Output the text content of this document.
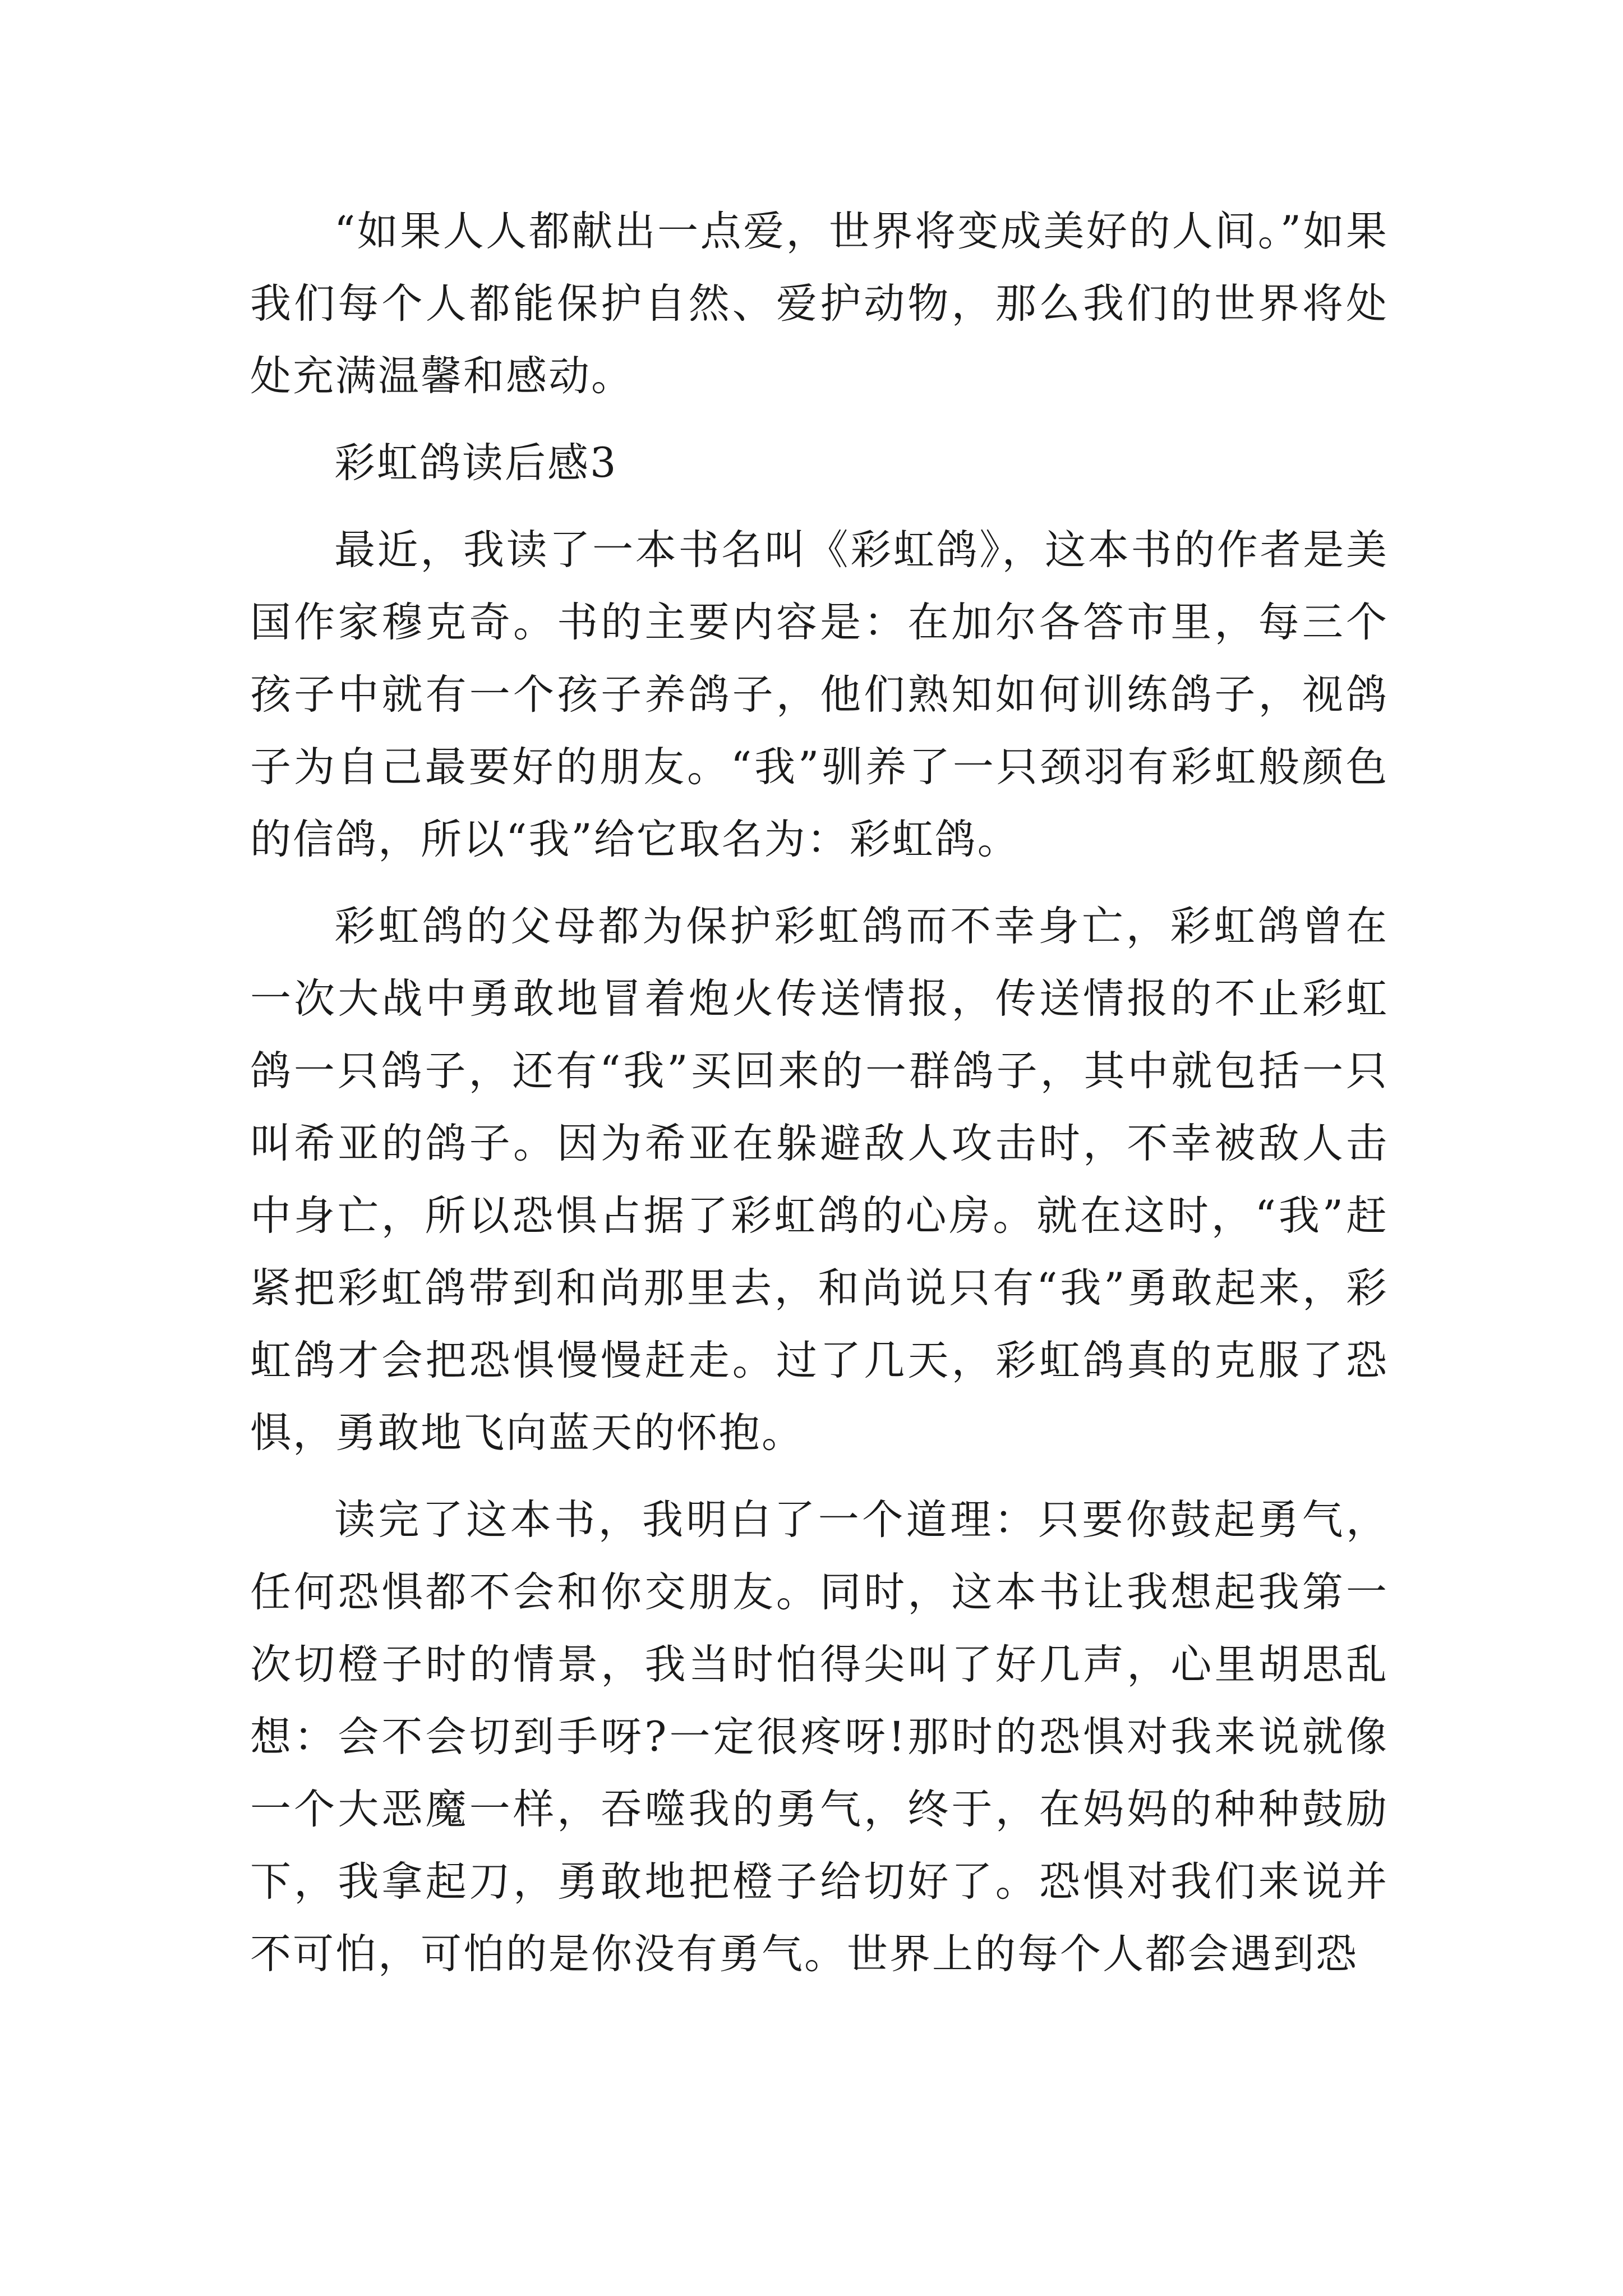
“如果人人都献出一点爱，世界将变成美好的人间。”如果我们每个人都能保护自然、爱护动物，那么我们的世界将处处充满温馨和感动。

彩虹鸽读后感3

最近，我读了一本书名叫《彩虹鸽》，这本书的作者是美国作家穆克奇。书的主要内容是：在加尔各答市里，每三个孩子中就有一个孩子养鸽子，他们熟知如何训练鸽子，视鸽子为自己最要好的朋友。“我”驯养了一只颈羽有彩虹般颜色的信鸽，所以“我”给它取名为：彩虹鸽。

彩虹鸽的父母都为保护彩虹鸽而不幸身亡，彩虹鸽曾在一次大战中勇敢地冒着炮火传送情报，传送情报的不止彩虹鸽一只鸽子，还有“我”买回来的一群鸽子，其中就包括一只叫希亚的鸽子。因为希亚在躲避敌人攻击时，不幸被敌人击中身亡，所以恐惧占据了彩虹鸽的心房。就在这时，“我”赶紧把彩虹鸽带到和尚那里去，和尚说只有“我”勇敢起来，彩虹鸽才会把恐惧慢慢赶走。过了几天，彩虹鸽真的克服了恐惧，勇敢地飞向蓝天的怀抱。

读完了这本书，我明白了一个道理：只要你鼓起勇气，任何恐惧都不会和你交朋友。同时，这本书让我想起我第一次切橙子时的情景，我当时怕得尖叫了好几声，心里胡思乱想：会不会切到手呀?一定很疼呀!那时的恐惧对我来说就像一个大恶魔一样，吞噬我的勇气，终于，在妈妈的种种鼓励下，我拿起刀，勇敢地把橙子给切好了。恐惧对我们来说并不可怕，可怕的是你没有勇气。世界上的每个人都会遇到恐
